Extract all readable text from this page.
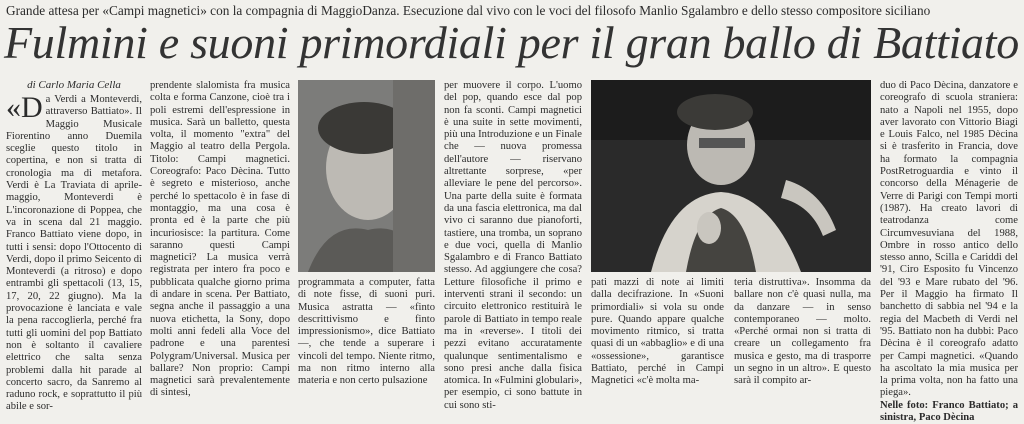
Grande attesa per «Campi magnetici» con la compagnia di MaggioDanza. Esecuzione dal vivo con le voci del filosofo Manlio Sgalambro e dello stesso compositore siciliano
Fulmini e suoni primordiali per il gran ballo di Battiato
di Carlo Maria Cella

«Da Verdi a Monteverdi, attraverso Battiato». Il Maggio Musicale Fiorentino anno Duemila sceglie questo titolo in copertina, e non si tratta di cronologia ma di metafora. Verdi è La Traviata di aprile-maggio, Monteverdi è L'incoronazione di Poppea, che va in scena dal 21 maggio. Franco Battiato viene dopo, in tutti i sensi: dopo l'Ottocento di Verdi, dopo il primo Seicento di Monteverdi (a ritroso) e dopo entrambi gli spettacoli (13, 15, 17, 20, 22 giugno). Ma la provocazione è lanciata e vale la pena raccoglierla, perché fra tutti gli uomini del pop Battiato non è soltanto il cavaliere elettrico che salta senza problemi dalla hit parade al concerto sacro, da Sanremo al raduno rock, e soprattutto il più abile e sor-

prendente slalomista fra musica colta e forma Canzone, cioè tra i poli estremi dell'espressione in musica. Sarà un balletto, questa volta, il momento "extra" del Maggio al teatro della Pergola. Titolo: Campi magnetici. Coreografo: Paco Dècina. Tutto è segreto e misterioso, anche perché lo spettacolo è in fase di montaggio, ma una cosa è pronta ed è la parte che più incuriosisce: la partitura. Come saranno questi Campi magnetici? La musica verrà registrata per intero fra poco e pubblicata qualche giorno prima di andare in scena. Per Battiato, segna anche il passaggio a una nuova etichetta, la Sony, dopo molti anni fedeli alla Voce del padrone e una parentesi Polygram/Universal. Musica per ballare? Non proprio: Campi magnetici sarà prevalentemente di sintesi,

programmata a computer, fatta di note fisse, di suoni puri. Musica astratta — «fintо descrittivismo e finto impressionismo», dice Battiato —, che tende a superare i vincoli del tempo. Niente ritmo, ma non ritmo interno alla materia e non certo pulsazione

per muovere il corpo. L'uomo del pop, quando esce dal pop non fa sconti. Campi magnetici è una suite in sette movimenti, più una Introduzione e un Finale che — nuova promessa dell'autore — riservano altrettante sorprese, «per alleviare le pene del percorso». Una parte della suite è formata da una fascia elettronica, ma dal vivo ci saranno due pianoforti, tastiere, una tromba, un soprano e due voci, quella di Manlio Sgalambro e di Franco Battiato stesso. Ad aggiungere che cosa? Letture filosofiche il primo e interventi strani il secondo: un circuito elettronico restituirà le parole di Battiato in tempo reale ma in «reverse». I titoli dei pezzi evitano accuratamente qualunque sentimentalismo e sono presi anche dalla fisica atomica. In «Fulmini globulari», per esempio, ci sono battute in cui sono sti-

pati mazzi di note ai limiti dalla decifrazione. In «Suoni primordiali» si vola su onde pure. Quando appare qualche movimento ritmico, si tratta quasi di un «abbaglio» e di una «ossessione», garantisce Battiato, perché in Campi Magnetici «c'è molta ma-

teria distruttiva». Insomma da ballare non c'è quasi nulla, ma da danzare — in senso contemporaneo — molto. «Perché ormai non si tratta di creare un collegamento fra musica e gesto, ma di trasporre un segno in un altro». E questo sarà il compito ar-

duo di Paco Dècina, danzatore e coreografo di scuola straniera: nato a Napoli nel 1955, dopo aver lavorato con Vittorio Biagi e Louis Falco, nel 1985 Dècina si è trasferito in Francia, dove ha formato la compagnia PostRetroguardia e vinto il concorso della Ménagerie de Verre di Parigi con Tempi morti (1987). Ha creato lavori di teatrodanza come Circumvesuviana del 1988, Ombre in rosso antico dello stesso anno, Scilla e Cariddi del '91, Ciro Esposito fu Vincenzo del '93 e Mare rubato del '96. Per il Maggio ha firmato Il banchetto di sabbia nel '94 e la regia del Macbeth di Verdi nel '95. Battiato non ha dubbi: Paco Dècina è il coreografo adatto per Campi magnetici. «Quando ha ascoltato la mia musica per la prima volta, non ha fatto una piega».

Nelle foto: Franco Battiato; a sinistra, Paco Dècina
